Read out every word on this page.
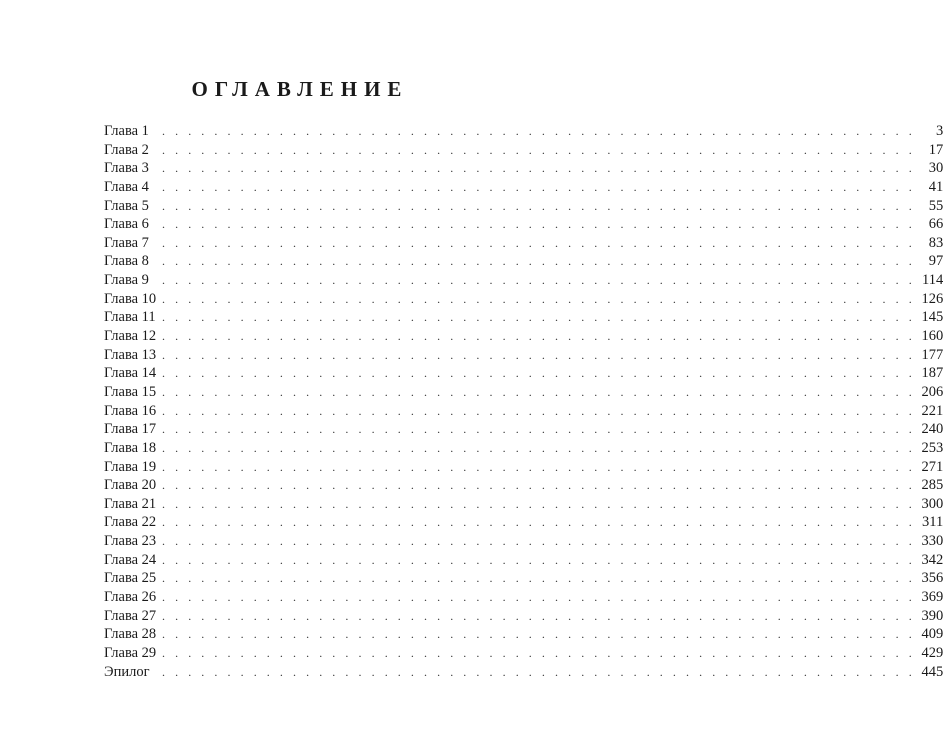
ОГЛАВЛЕНИЕ
Глава 1	. . . . . . . . . . . . . . . . . . . . . . . . . . . . . . . . . . . . . . . . . . . . . . . . . . . . . . . . . .	3
Глава 2	. . . . . . . . . . . . . . . . . . . . . . . . . . . . . . . . . . . . . . . . . . . . . . . . . . . . . . . . . . 17
Глава 3	. . . . . . . . . . . . . . . . . . . . . . . . . . . . . . . . . . . . . . . . . . . . . . . . . . . . . . . . . . 30
Глава 4	. . . . . . . . . . . . . . . . . . . . . . . . . . . . . . . . . . . . . . . . . . . . . . . . . . . . . . . . . . 41
Глава 5	. . . . . . . . . . . . . . . . . . . . . . . . . . . . . . . . . . . . . . . . . . . . . . . . . . . . . . . . . . 55
Глава 6	. . . . . . . . . . . . . . . . . . . . . . . . . . . . . . . . . . . . . . . . . . . . . . . . . . . . . . . . . . 66
Глава 7	. . . . . . . . . . . . . . . . . . . . . . . . . . . . . . . . . . . . . . . . . . . . . . . . . . . . . . . . . . 83
Глава 8	. . . . . . . . . . . . . . . . . . . . . . . . . . . . . . . . . . . . . . . . . . . . . . . . . . . . . . . . . . 97
Глава 9	. . . . . . . . . . . . . . . . . . . . . . . . . . . . . . . . . . . . . . . . . . . . . . . . . . . . . . . . . . 114
Глава 10 . . . . . . . . . . . . . . . . . . . . . . . . . . . . . . . . . . . . . . . . . . . . . . . . . . . . . . . . . . 126
Глава 11 . . . . . . . . . . . . . . . . . . . . . . . . . . . . . . . . . . . . . . . . . . . . . . . . . . . . . . . . . . 145
Глава 12 . . . . . . . . . . . . . . . . . . . . . . . . . . . . . . . . . . . . . . . . . . . . . . . . . . . . . . . . . . 160
Глава 13 . . . . . . . . . . . . . . . . . . . . . . . . . . . . . . . . . . . . . . . . . . . . . . . . . . . . . . . . . . 177
Глава 14 . . . . . . . . . . . . . . . . . . . . . . . . . . . . . . . . . . . . . . . . . . . . . . . . . . . . . . . . . . 187
Глава 15 . . . . . . . . . . . . . . . . . . . . . . . . . . . . . . . . . . . . . . . . . . . . . . . . . . . . . . . . . . 206
Глава 16 . . . . . . . . . . . . . . . . . . . . . . . . . . . . . . . . . . . . . . . . . . . . . . . . . . . . . . . . . . 221
Глава 17 . . . . . . . . . . . . . . . . . . . . . . . . . . . . . . . . . . . . . . . . . . . . . . . . . . . . . . . . . . 240
Глава 18 . . . . . . . . . . . . . . . . . . . . . . . . . . . . . . . . . . . . . . . . . . . . . . . . . . . . . . . . . . 253
Глава 19 . . . . . . . . . . . . . . . . . . . . . . . . . . . . . . . . . . . . . . . . . . . . . . . . . . . . . . . . . . 271
Глава 20 . . . . . . . . . . . . . . . . . . . . . . . . . . . . . . . . . . . . . . . . . . . . . . . . . . . . . . . . . . 285
Глава 21 . . . . . . . . . . . . . . . . . . . . . . . . . . . . . . . . . . . . . . . . . . . . . . . . . . . . . . . . . . 300
Глава 22 . . . . . . . . . . . . . . . . . . . . . . . . . . . . . . . . . . . . . . . . . . . . . . . . . . . . . . . . . . 311
Глава 23 . . . . . . . . . . . . . . . . . . . . . . . . . . . . . . . . . . . . . . . . . . . . . . . . . . . . . . . . . . 330
Глава 24 . . . . . . . . . . . . . . . . . . . . . . . . . . . . . . . . . . . . . . . . . . . . . . . . . . . . . . . . . . 342
Глава 25 . . . . . . . . . . . . . . . . . . . . . . . . . . . . . . . . . . . . . . . . . . . . . . . . . . . . . . . . . . 356
Глава 26 . . . . . . . . . . . . . . . . . . . . . . . . . . . . . . . . . . . . . . . . . . . . . . . . . . . . . . . . . . 369
Глава 27 . . . . . . . . . . . . . . . . . . . . . . . . . . . . . . . . . . . . . . . . . . . . . . . . . . . . . . . . . . 390
Глава 28 . . . . . . . . . . . . . . . . . . . . . . . . . . . . . . . . . . . . . . . . . . . . . . . . . . . . . . . . . . 409
Глава 29 . . . . . . . . . . . . . . . . . . . . . . . . . . . . . . . . . . . . . . . . . . . . . . . . . . . . . . . . . . 429
Эпилог	. . . . . . . . . . . . . . . . . . . . . . . . . . . . . . . . . . . . . . . . . . . . . . . . . . . . . . . . . . 445
